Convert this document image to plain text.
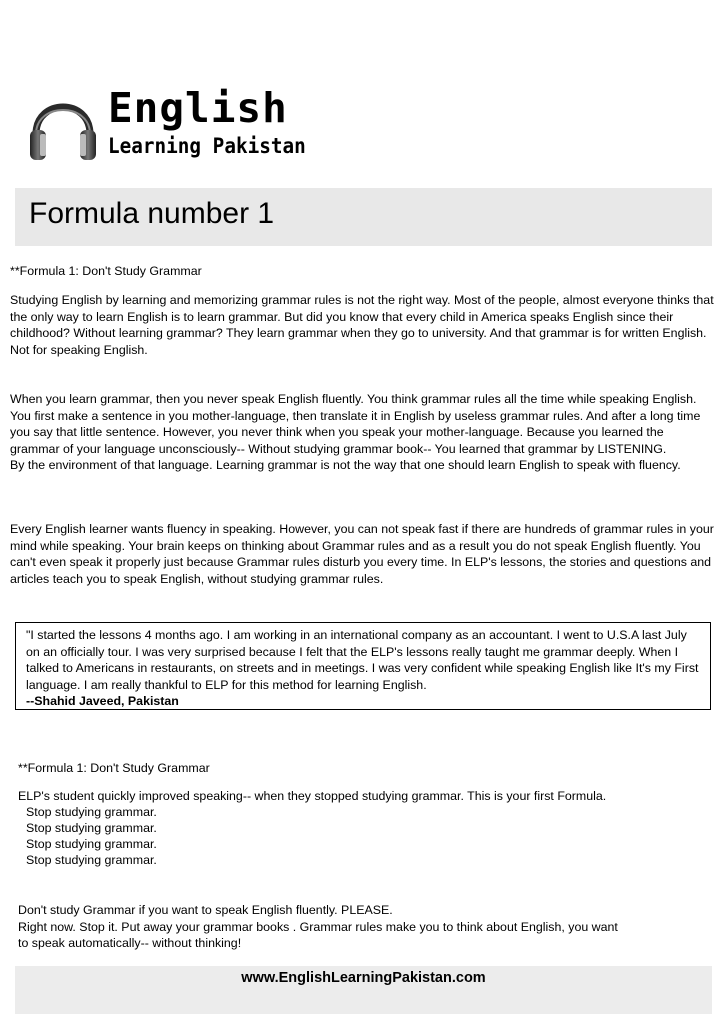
English
Learning Pakistan
Formula number 1
**Formula 1: Don't Study Grammar
Studying English by learning and memorizing grammar rules is not the right way. Most of the people, almost everyone thinks that
the only way to learn English is to learn grammar. But did you know that every child in America speaks English since their
childhood? Without learning grammar? They learn grammar when they go to university. And that grammar is for written English.
Not for speaking English.
When you learn grammar, then you never speak English fluently. You think grammar rules all the time while speaking English.
You first make a sentence in you mother-language, then translate it in English by useless grammar rules. And after a long time
you say that little sentence. However, you never think when you speak your mother-language. Because you learned the
grammar of your language unconsciously-- Without studying grammar book-- You learned that grammar by LISTENING.
By the environment of that language. Learning grammar is not the way that one should learn English to speak with fluency.
Every English learner wants fluency in speaking. However, you can not speak fast if there are hundreds of grammar rules in your
mind while speaking. Your brain keeps on thinking about Grammar rules and as a result you do not speak English fluently. You
can't even speak it properly just because Grammar rules disturb you every time. In ELP's lessons, the stories and questions and
articles teach you to speak English, without studying grammar rules.
"I started the lessons 4 months ago. I am working in an international company as an accountant. I went to U.S.A last July
on an officially tour. I was very surprised because I felt that the ELP's lessons really taught me grammar deeply. When I
talked to Americans in restaurants, on streets and in meetings. I was very confident while speaking English like It's my First
language. I am really thankful to ELP for this method for learning English.
--Shahid Javeed, Pakistan
**Formula 1: Don't Study Grammar
ELP's student quickly improved speaking-- when they stopped studying grammar. This is your first Formula.
Stop studying grammar.
Stop studying grammar.
Stop studying grammar.
Stop studying grammar.
Don't study Grammar if you want to speak English fluently. PLEASE.
Right now. Stop it. Put away your grammar books . Grammar rules make you to think about English, you want
to speak automatically-- without thinking!
www.EnglishLearningPakistan.com
